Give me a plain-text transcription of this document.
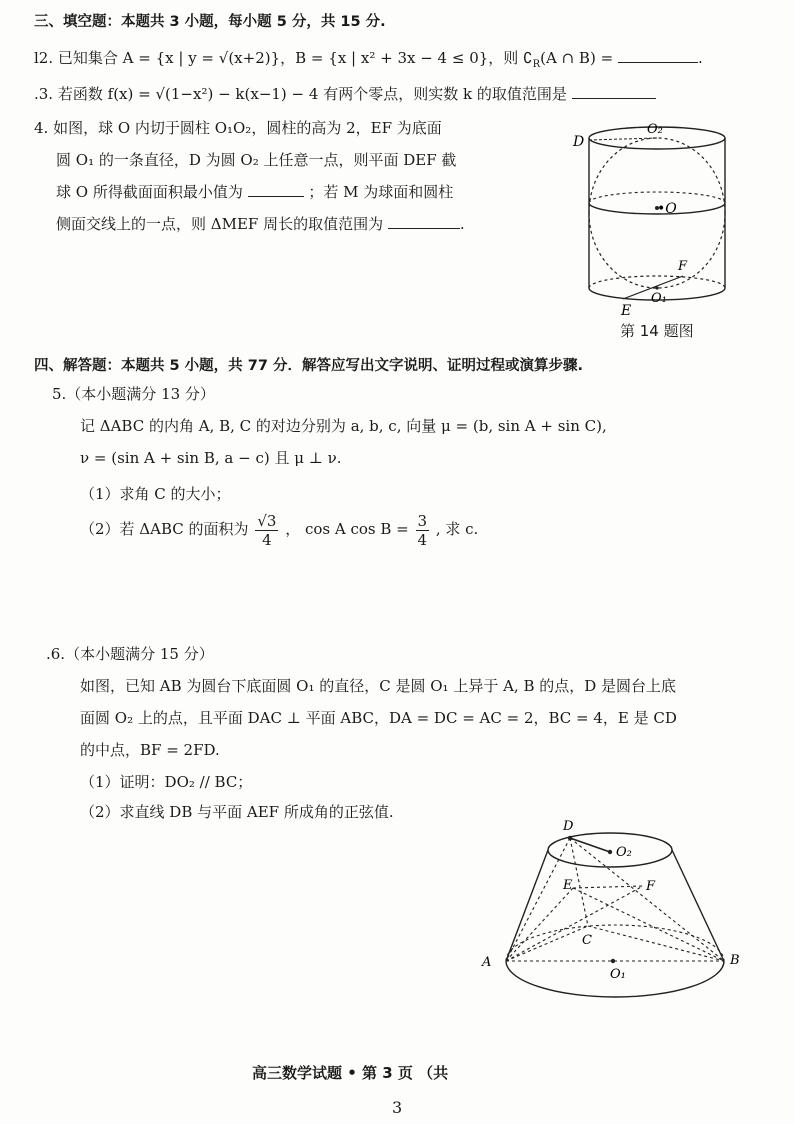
三、填空题：本题共 3 小题，每小题 5 分，共 15 分.
l2. 已知集合 A = {x | y = √(x+2)}，B = {x | x² + 3x − 4 ≤ 0}，则 $∁_R(A$ ∩ B) =	.
.3. 若函数 f(x) = √(1−x²) − k(x−1) − 4 有两个零点，则实数 k 的取值范围是
4. 如图，球 O 内切于圆柱 O₁O₂，圆柱的高为 2，EF 为底面
圆 O₁ 的一条直径，D 为圆 O₂ 上任意一点，则平面 DEF 截
球 O 所得截面面积最小值为	；若 M 为球面和圆柱
侧面交线上的一点，则 ΔMEF 周长的取值范围为	.
O₂
D
•O
F
O₁
E
第 14 题图
四、解答题：本题共 5 小题，共 77 分．解答应写出文字说明、证明过程或演算步骤.
5.（本小题满分 13 分）
记 ΔABC 的内角 A, B, C 的对边分别为 a, b, c, 向量 μ = (b, sin A + sin C),
ν = (sin A + sin B, a − c) 且 μ ⊥ ν.
（1）求角 C 的大小；
（2）若 ΔABC 的面积为 $\frac{√3}{4}$ ， cos A $\cos B = \frac{3}{4}$ , 求 c.
.6.（本小题满分 15 分）
如图，已知 AB 为圆台下底面圆 O₁ 的直径，C 是圆 O₁ 上异于 A, B 的点，D 是圆台上底
面圆 O₂ 上的点，且平面 DAC ⊥ 平面 ABC，DA = DC = AC = 2，BC = 4，E 是 CD
的中点，BF = 2FD.
（1）证明：DO₂ // BC；
（2）求直线 DB 与平面 AEF 所成角的正弦值.
D
O₂
E	F
C
A	B
O₁
高三数学试题 • 第 3 页 （共
3
